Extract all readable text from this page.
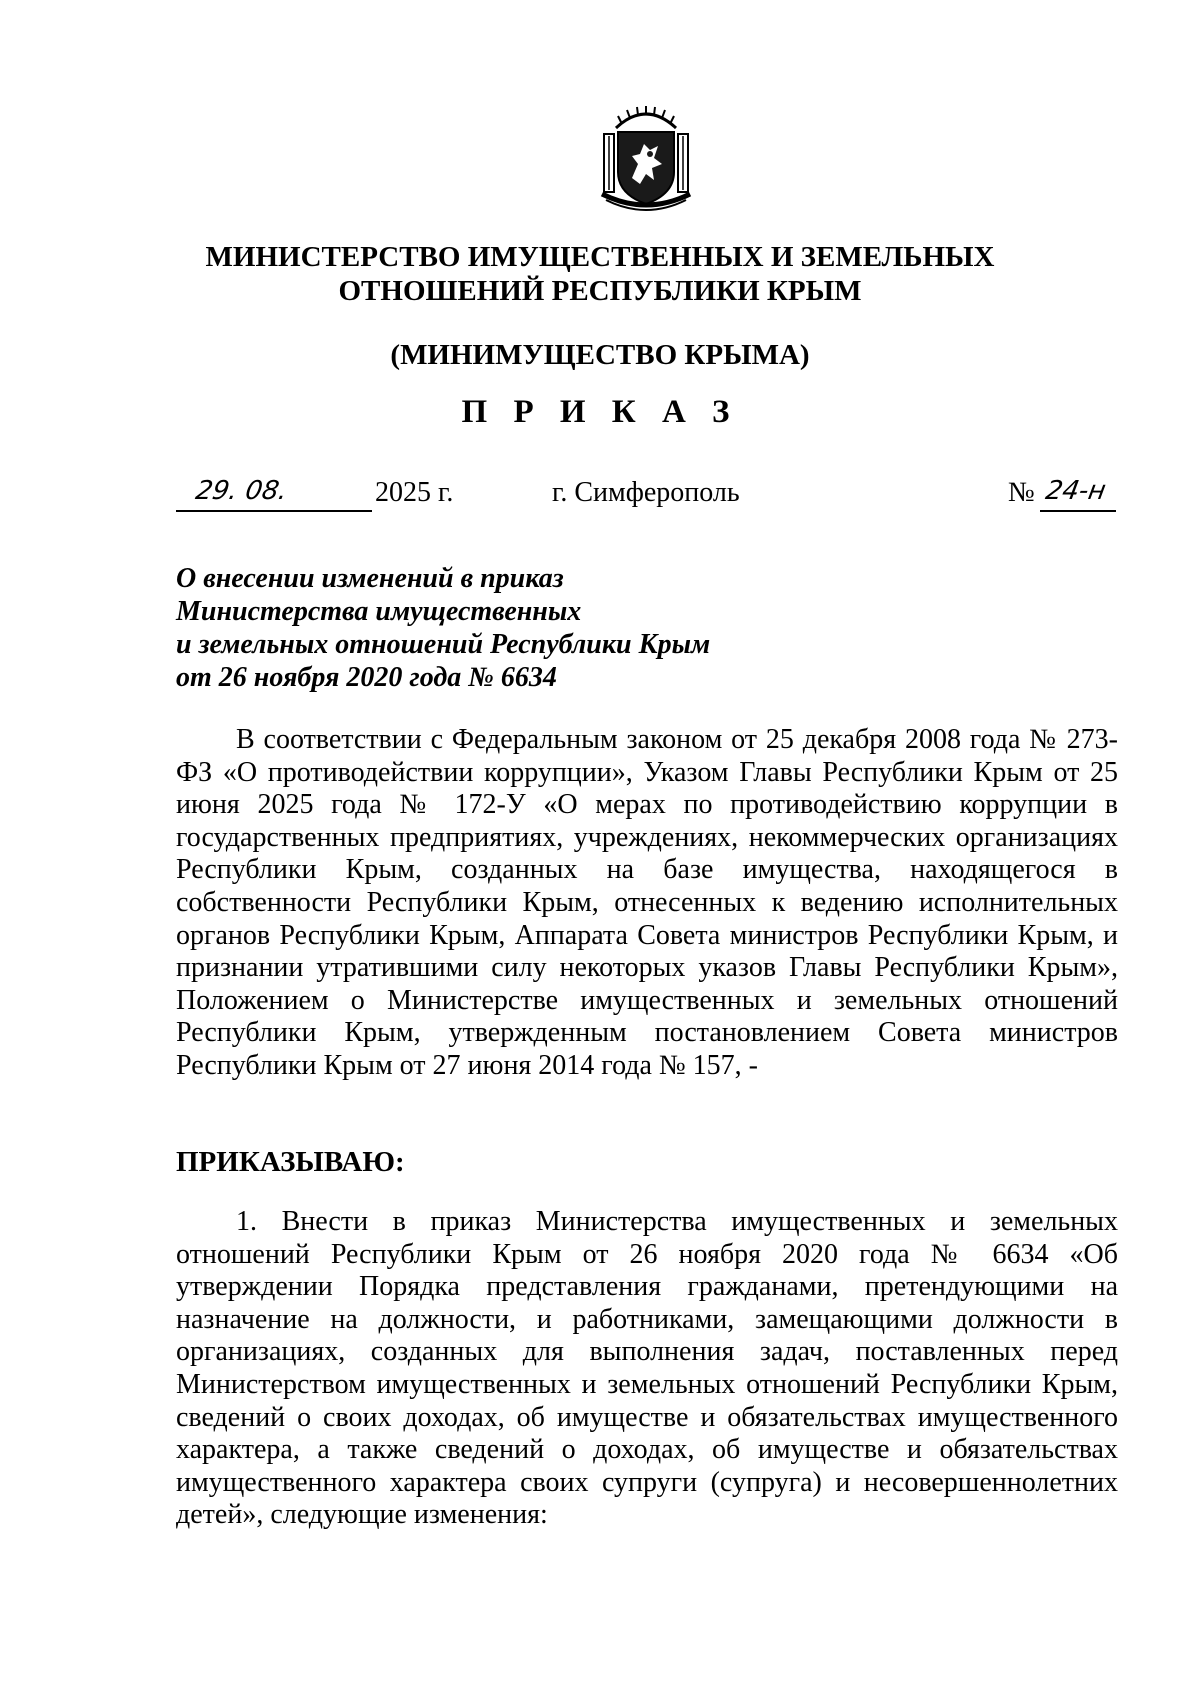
МИНИСТЕРСТВО ИМУЩЕСТВЕННЫХ И ЗЕМЕЛЬНЫХ
ОТНОШЕНИЙ РЕСПУБЛИКИ КРЫМ
(МИНИМУЩЕСТВО КРЫМА)
П Р И К А З
29. 08.	2025 г.	г. Симферополь	№ 24-н
О внесении изменений в приказ
Министерства имущественных
и земельных отношений Республики Крым
от 26 ноября 2020 года № 6634
В соответствии с Федеральным законом от 25 декабря 2008 года № 273-ФЗ «О противодействии коррупции», Указом Главы Республики Крым от 25 июня 2025 года № 172-У «О мерах по противодействию коррупции в государственных предприятиях, учреждениях, некоммерческих организациях Республики Крым, созданных на базе имущества, находящегося в собственности Республики Крым, отнесенных к ведению исполнительных органов Республики Крым, Аппарата Совета министров Республики Крым, и признании утратившими силу некоторых указов Главы Республики Крым», Положением о Министерстве имущественных и земельных отношений Республики Крым, утвержденным постановлением Совета министров Республики Крым от 27 июня 2014 года № 157, -
ПРИКАЗЫВАЮ:
1. Внести в приказ Министерства имущественных и земельных отношений Республики Крым от 26 ноября 2020 года № 6634 «Об утверждении Порядка представления гражданами, претендующими на назначение на должности, и работниками, замещающими должности в организациях, созданных для выполнения задач, поставленных перед Министерством имущественных и земельных отношений Республики Крым, сведений о своих доходах, об имуществе и обязательствах имущественного характера, а также сведений о доходах, об имуществе и обязательствах имущественного характера своих супруги (супруга) и несовершеннолетних детей», следующие изменения:
